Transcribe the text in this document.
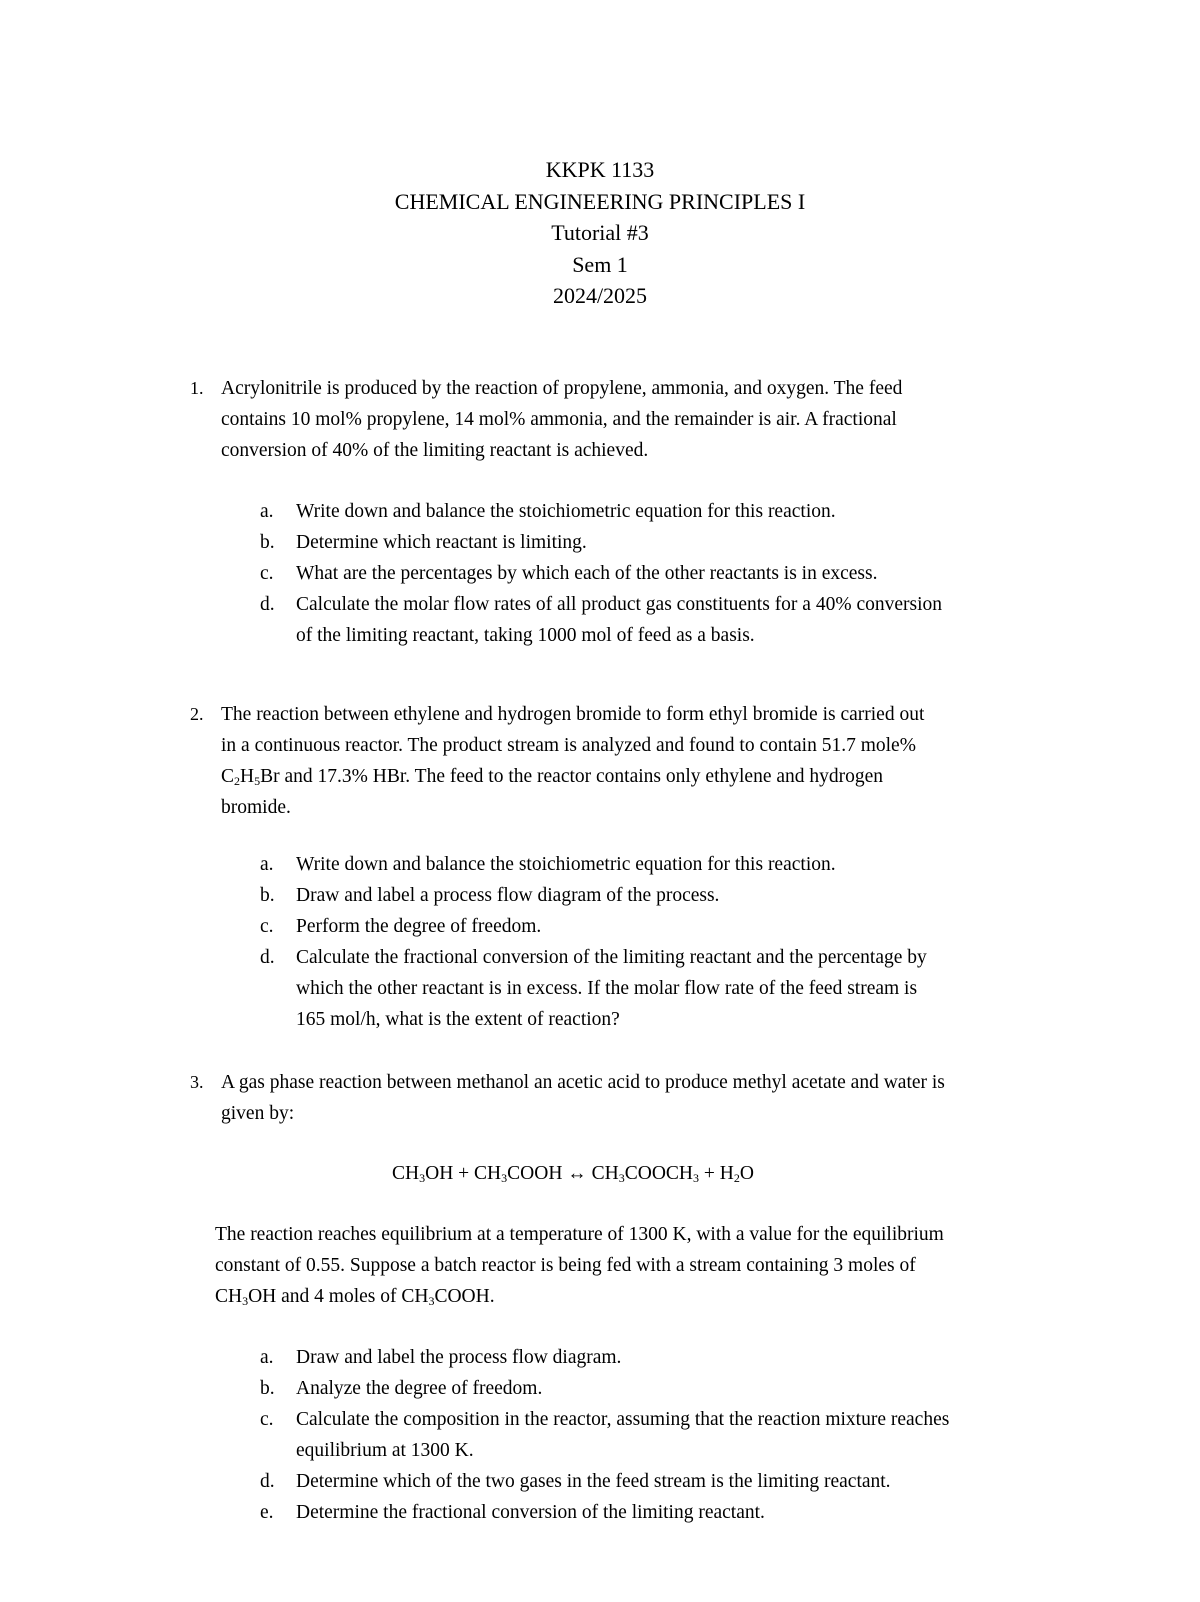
KKPK 1133
CHEMICAL ENGINEERING PRINCIPLES I
Tutorial #3
Sem 1
2024/2025
1. Acrylonitrile is produced by the reaction of propylene, ammonia, and oxygen. The feed
contains 10 mol% propylene, 14 mol% ammonia, and the remainder is air. A fractional
conversion of 40% of the limiting reactant is achieved.
a. Write down and balance the stoichiometric equation for this reaction.
b. Determine which reactant is limiting.
c. What are the percentages by which each of the other reactants is in excess.
d. Calculate the molar flow rates of all product gas constituents for a 40% conversion
of the limiting reactant, taking 1000 mol of feed as a basis.
2. The reaction between ethylene and hydrogen bromide to form ethyl bromide is carried out
in a continuous reactor. The product stream is analyzed and found to contain 51.7 mole%
$C_2H_5Br$ and 17.3% HBr. The feed to the reactor contains only ethylene and hydrogen
bromide.
a. Write down and balance the stoichiometric equation for this reaction.
b. Draw and label a process flow diagram of the process.
c. Perform the degree of freedom.
d. Calculate the fractional conversion of the limiting reactant and the percentage by
which the other reactant is in excess. If the molar flow rate of the feed stream is
165 mol/h, what is the extent of reaction?
3. A gas phase reaction between methanol an acetic acid to produce methyl acetate and water is
given by:
$CH_3OH$ + $CH_3COOH$ ↔ $CH_3COOCH_3 + H_2O$
The reaction reaches equilibrium at a temperature of 1300 K, with a value for the equilibrium
constant of 0.55. Suppose a batch reactor is being fed with a stream containing 3 moles of
$CH_3OH$ and 4 moles of $CH_3COOH$.
a. Draw and label the process flow diagram.
b. Analyze the degree of freedom.
c. Calculate the composition in the reactor, assuming that the reaction mixture reaches
equilibrium at 1300 K.
d. Determine which of the two gases in the feed stream is the limiting reactant.
e. Determine the fractional conversion of the limiting reactant.
